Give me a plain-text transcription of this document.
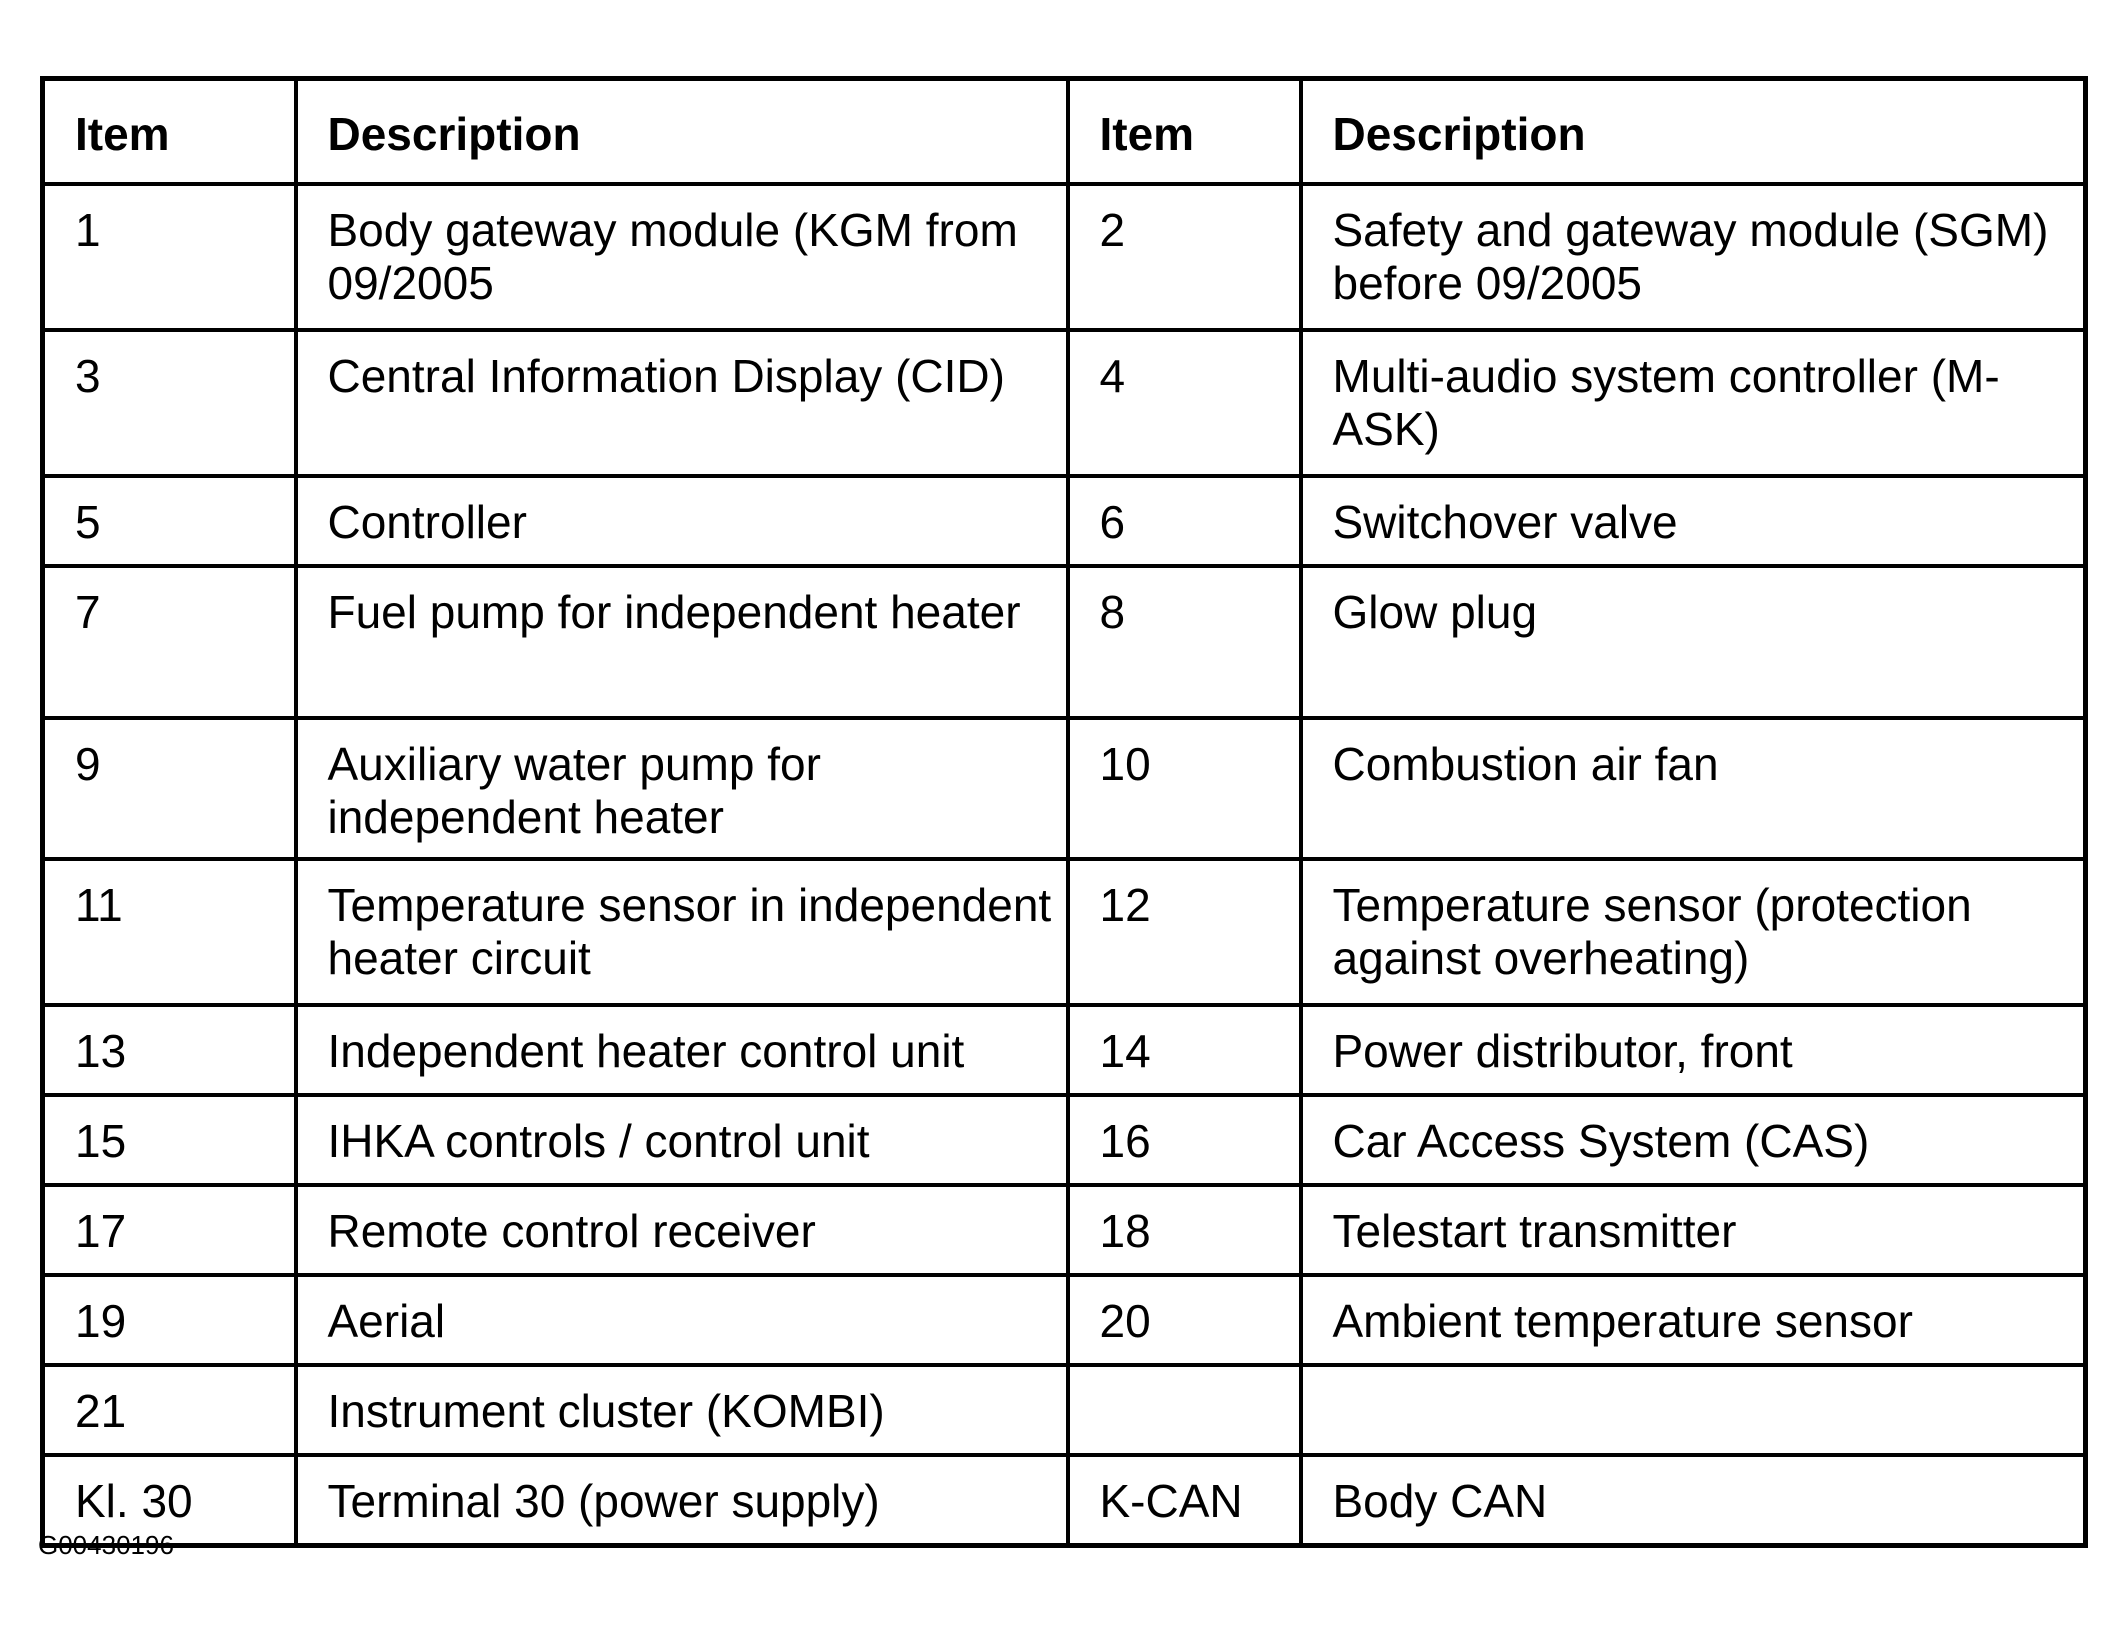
Item	Description	Item	Description
1	Body gateway module (KGM from 09/2005	2	Safety and gateway module (SGM) before 09/2005
3	Central Information Display (CID)	4	Multi-audio system controller (M-ASK)
5	Controller	6	Switchover valve
7	Fuel pump for independent heater	8	Glow plug
9	Auxiliary water pump for independent heater	10	Combustion air fan
11	Temperature sensor in independent heater circuit	12	Temperature sensor (protection against overheating)
13	Independent heater control unit	14	Power distributor, front
15	IHKA controls / control unit	16	Car Access System (CAS)
17	Remote control receiver	18	Telestart transmitter
19	Aerial	20	Ambient temperature sensor
21	Instrument cluster (KOMBI)		
Kl. 30	Terminal 30 (power supply)	K-CAN	Body CAN
G00430196
